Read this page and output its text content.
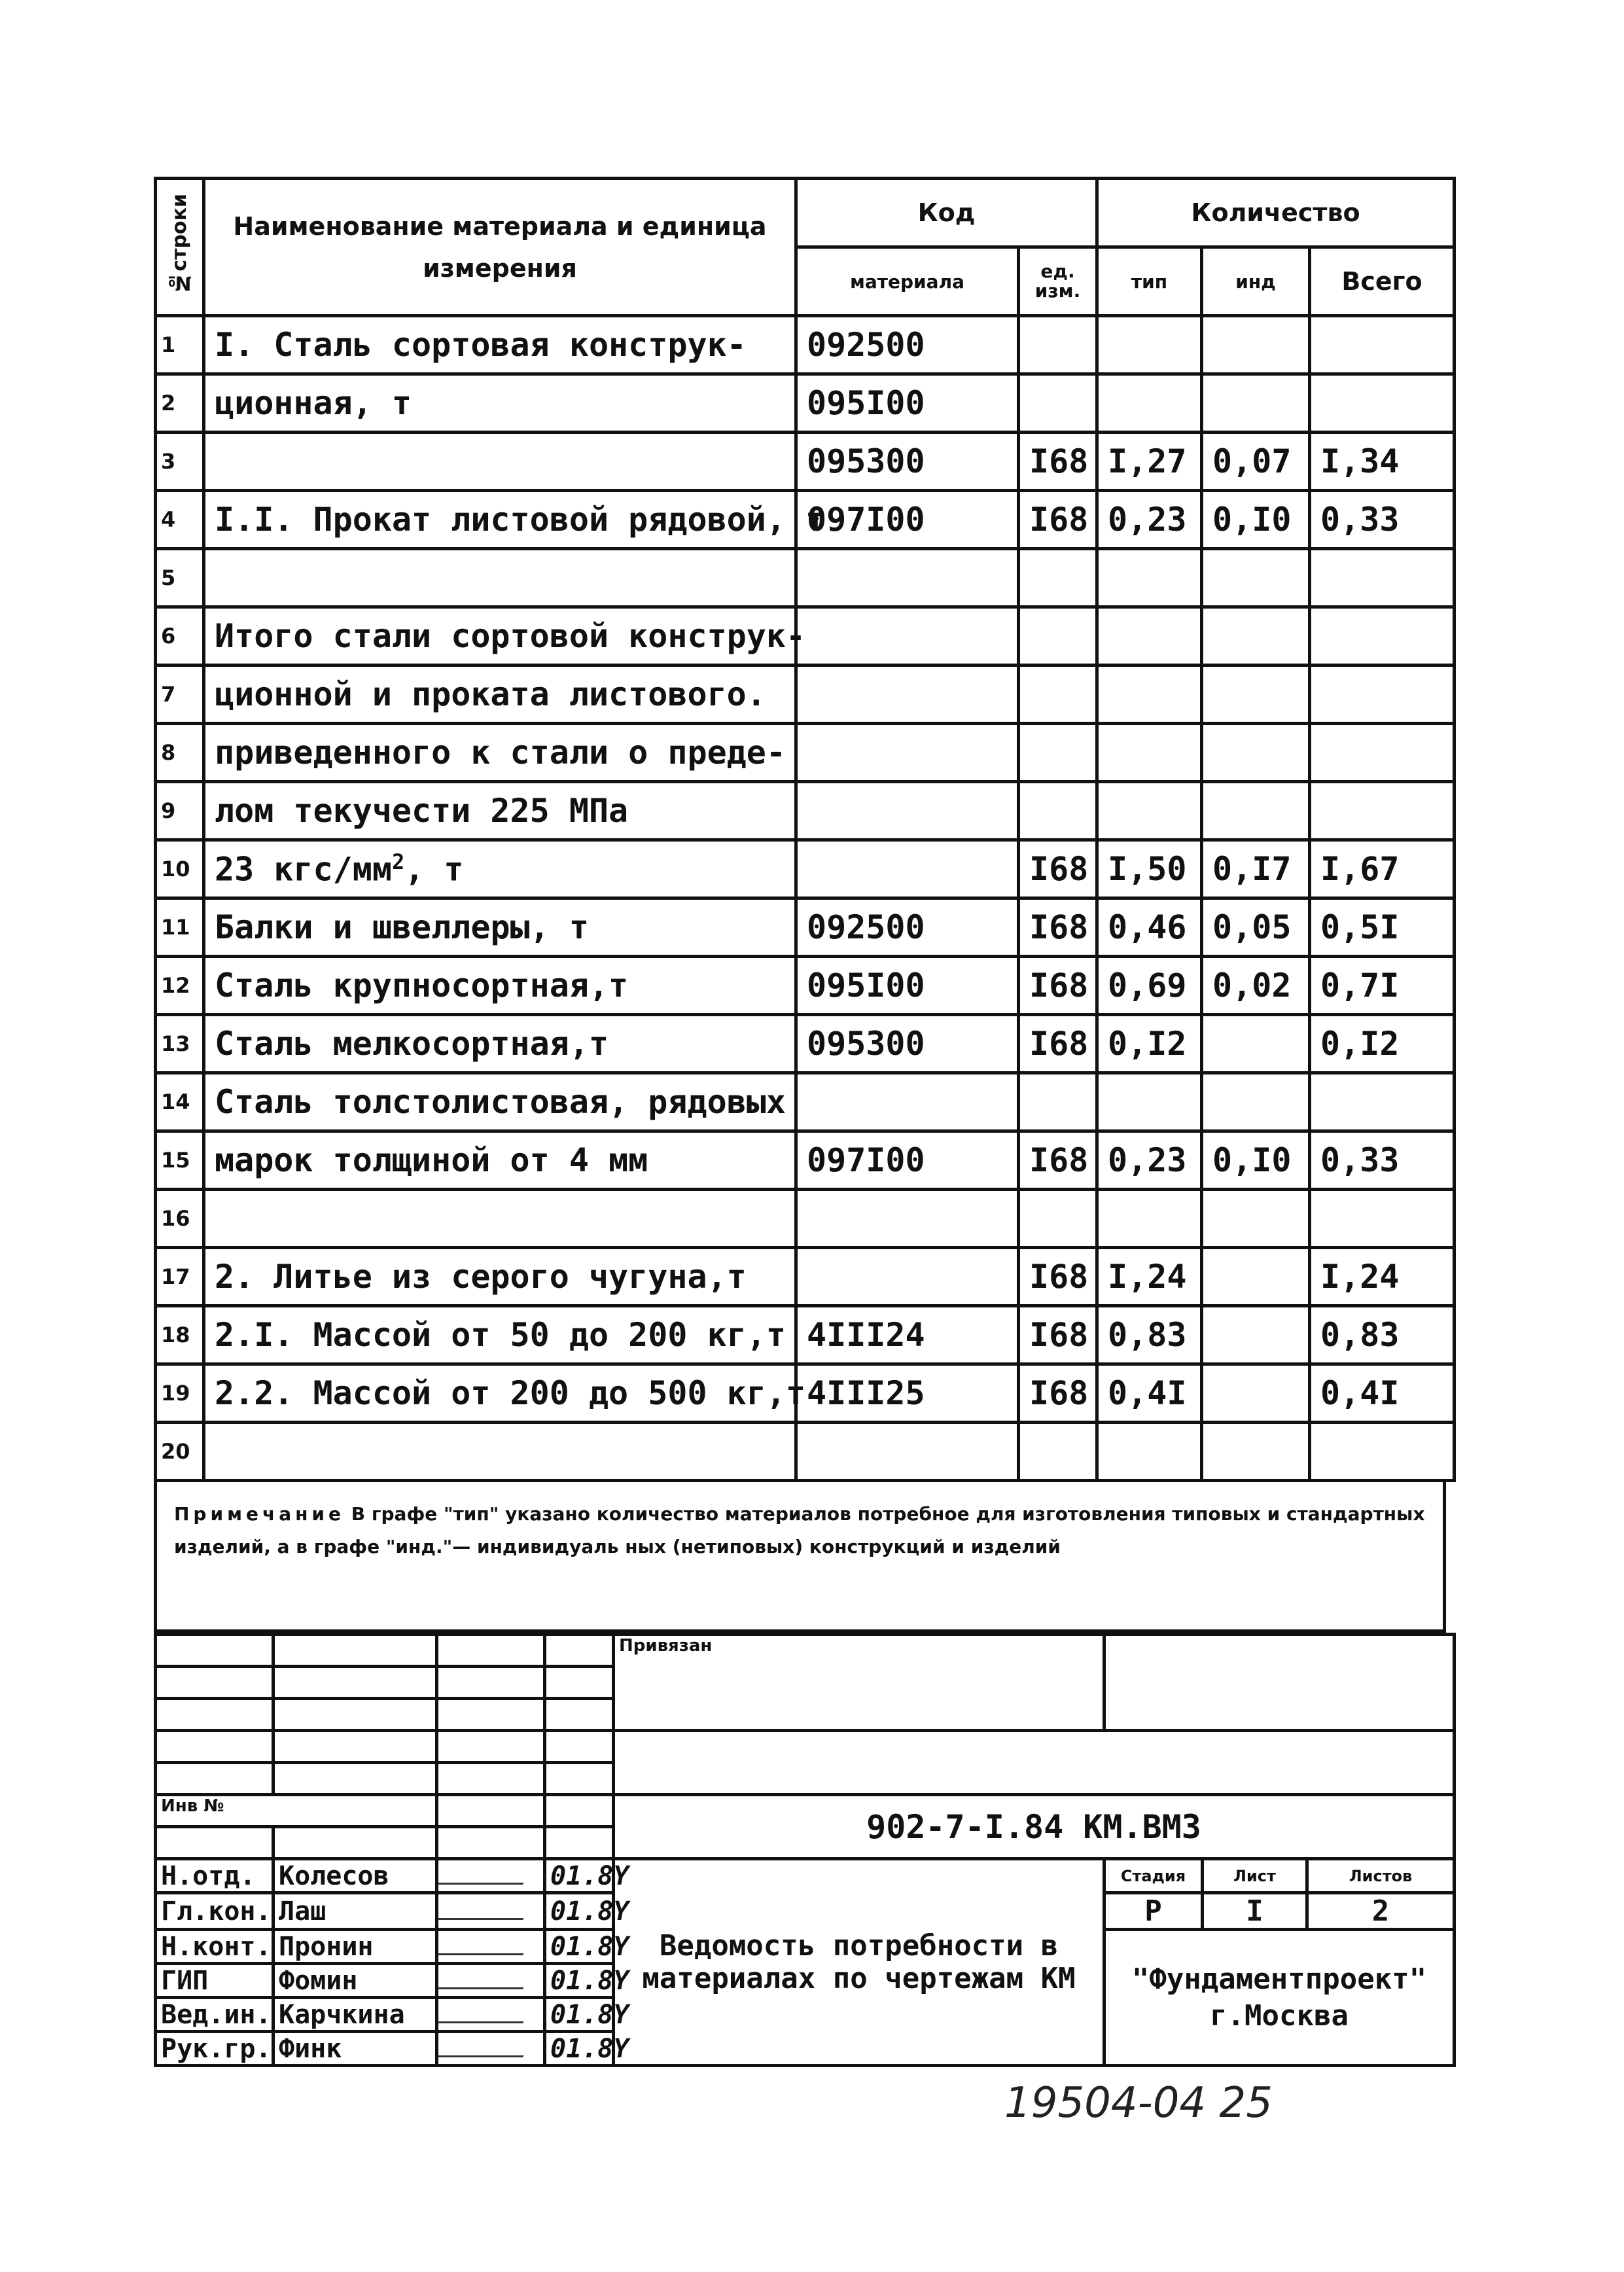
№строки	Наименование материала и единица измерения	Код		Количество		
		материала	ед. изм.	тип	инд	Всего
1	I. Сталь сортовая конструк-	092500				
2	ционная, т	095I00				
3		095300	I68	I,27	0,07	I,34
4	I.I. Прокат листовой рядовой, т	097I00	I68	0,23	0,I0	0,33
5						
6	Итого стали сортовой конструк-					
7	ционной и проката листового.					
8	приведенного к стали о преде-					
9	лом текучести 225 МПа					
10	23 кгс/$мм^2$, т		I68	I,50	0,I7	I,67
11	Балки и швеллеры, т	092500	I68	0,46	0,05	0,5I
12	Сталь крупносортная,т	095I00	I68	0,69	0,02	0,7I
13	Сталь мелкосортная,т	095300	I68	0,I2		0,I2
14	Сталь толстолистовая, рядовых					
15	марок толщиной от 4 мм	097I00	I68	0,23	0,I0	0,33
16						
17	2. Литье из серого чугуна,т		I68	I,24		I,24
18	2.I. Массой от 50 до 200 кг,т	4III24	I68	0,83		0,83
19	2.2. Массой от 200 до 500 кг,т	4III25	I68	0,4I		0,4I
20						
Примечание В графе "тип" указано количество материалов потребное для изготовления типовых и стандартных изделий, а в графе "инд."— индивидуаль ных (нетиповых) конструкций и изделий
				Привязан			

Инв №				902-7-I.84 КМ.ВМ3			

Н.отд.	Колесов		01.8Y	Ведомость потребности в материалах по чертежам КМ	Стадия	Лист	Листов
Гл.кон.	Лаш		01.8Y		Р	I	2
Н.конт.	Пронин		01.8Y		"Фундаментпроект" г.Москва		
ГИП	Фомин		01.8Y				
Вед.ин.	Карчкина		01.8Y				
Рук.гр.	Финк		01.8Y				
19504-04 25
